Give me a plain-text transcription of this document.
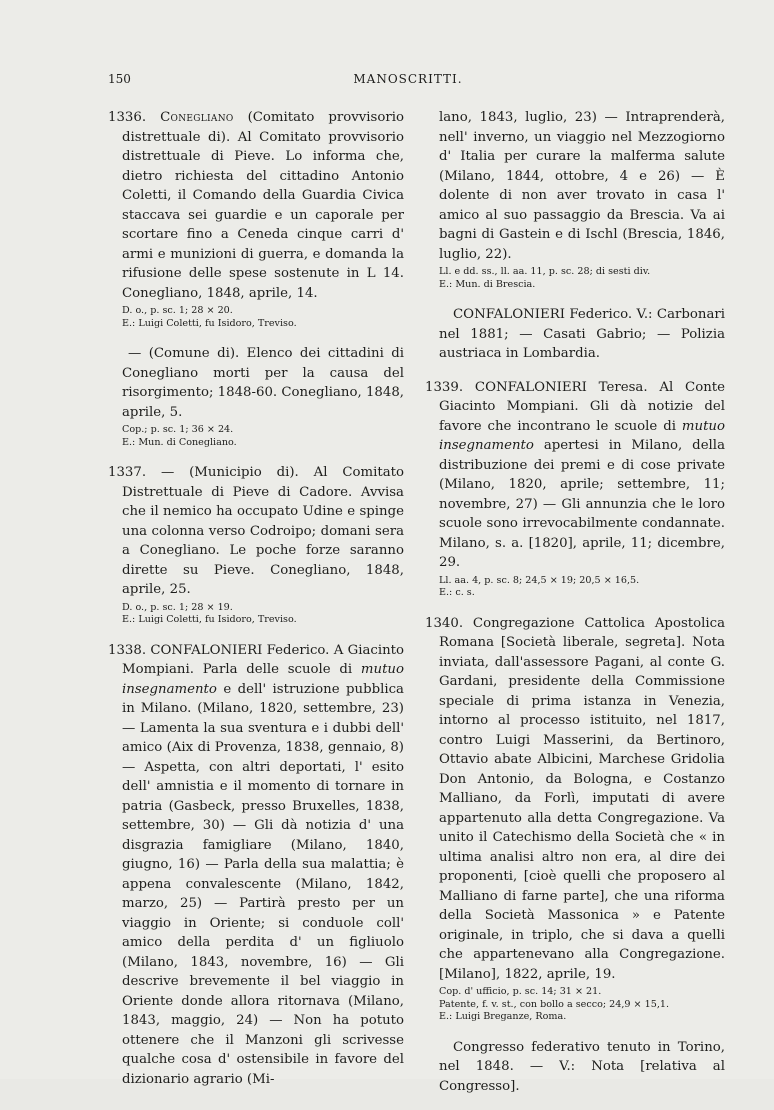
150	MANOSCRITTI.

1336. Conegliano (Comitato provvisorio distrettuale di). Al Comitato provvisorio distrettuale di Pieve. Lo informa che, dietro richiesta del cittadino Antonio Coletti, il Comando della Guardia Civica staccava sei guardie e un caporale per scortare fino a Ceneda cinque carri d' armi e munizioni di guerra, e domanda la rifusione delle spese sostenute in L 14. Conegliano, 1848, aprile, 14.

D. o., p. sc. 1; 28 × 20.
E.: Luigi Coletti, fu Isidoro, Treviso.

— (Comune di). Elenco dei cittadini di Conegliano morti per la causa del risorgimento; 1848-60. Conegliano, 1848, aprile, 5.

Cop.; p. sc. 1; 36 × 24.
E.: Mun. di Conegliano.

1337. — (Municipio di). Al Comitato Distrettuale di Pieve di Cadore. Avvisa che il nemico ha occupato Udine e spinge una colonna verso Codroipo; domani sera a Conegliano. Le poche forze saranno dirette su Pieve. Conegliano, 1848, aprile, 25.

D. o., p. sc. 1; 28 × 19.
E.: Luigi Coletti, fu Isidoro, Treviso.

1338. CONFALONIERI Federico. A Giacinto Mompiani. Parla delle scuole di mutuo insegnamento e dell' istruzione pubblica in Milano. (Milano, 1820, settembre, 23) — Lamenta la sua sventura e i dubbi dell' amico (Aix di Provenza, 1838, gennaio, 8) — Aspetta, con altri deportati, l' esito dell' amnistia e il momento di tornare in patria (Gasbeck, presso Bruxelles, 1838, settembre, 30) — Gli dà notizia d' una disgrazia famigliare (Milano, 1840, giugno, 16) — Parla della sua malattia; è appena convalescente (Milano, 1842, marzo, 25) — Partirà presto per un viaggio in Oriente; si conduole coll' amico della perdita d' un figliuolo (Milano, 1843, novembre, 16) — Gli descrive brevemente il bel viaggio in Oriente donde allora ritornava (Milano, 1843, maggio, 24) — Non ha potuto ottenere che il Manzoni gli scrivesse qualche cosa d' ostensibile in favore del dizionario agrario (Mi-

lano, 1843, luglio, 23) — Intraprenderà, nell' inverno, un viaggio nel Mezzogiorno d' Italia per curare la malferma salute (Milano, 1844, ottobre, 4 e 26) — È dolente di non aver trovato in casa l' amico al suo passaggio da Brescia. Va ai bagni di Gastein e di Ischl (Brescia, 1846, luglio, 22).

Ll. e dd. ss., ll. aa. 11, p. sc. 28; di sesti div.
E.: Mun. di Brescia.

CONFALONIERI Federico. V.: Carbonari nel 1881; — Casati Gabrio; — Polizia austriaca in Lombardia.

1339. CONFALONIERI Teresa. Al Conte Giacinto Mompiani. Gli dà notizie del favore che incontrano le scuole di mutuo insegnamento apertesi in Milano, della distribuzione dei premi e di cose private (Milano, 1820, aprile; settembre, 11; novembre, 27) — Gli annunzia che le loro scuole sono irrevocabilmente condannate. Milano, s. a. [1820], aprile, 11; dicembre, 29.

Ll. aa. 4, p. sc. 8; 24,5 × 19; 20,5 × 16,5.
E.: c. s.

1340. Congregazione Cattolica Apostolica Romana [Società liberale, segreta]. Nota inviata, dall'assessore Pagani, al conte G. Gardani, presidente della Commissione speciale di prima istanza in Venezia, intorno al processo istituito, nel 1817, contro Luigi Masserini, da Bertinoro, Ottavio abate Albicini, Marchese Gridolia Don Antonio, da Bologna, e Costanzo Malliano, da Forlì, imputati di avere appartenuto alla detta Congregazione. Va unito il Catechismo della Società che « in ultima analisi altro non era, al dire dei proponenti, [cioè quelli che proposero al Malliano di farne parte], che una riforma della Società Massonica » e Patente originale, in triplo, che si dava a quelli che appartenevano alla Congregazione. [Milano], 1822, aprile, 19.

Cop. d' ufficio, p. sc. 14; 31 × 21.
Patente, f. v. st., con bollo a secco; 24,9 × 15,1.
E.: Luigi Breganze, Roma.

Congresso federativo tenuto in Torino, nel 1848. — V.: Nota [relativa al Congresso].
